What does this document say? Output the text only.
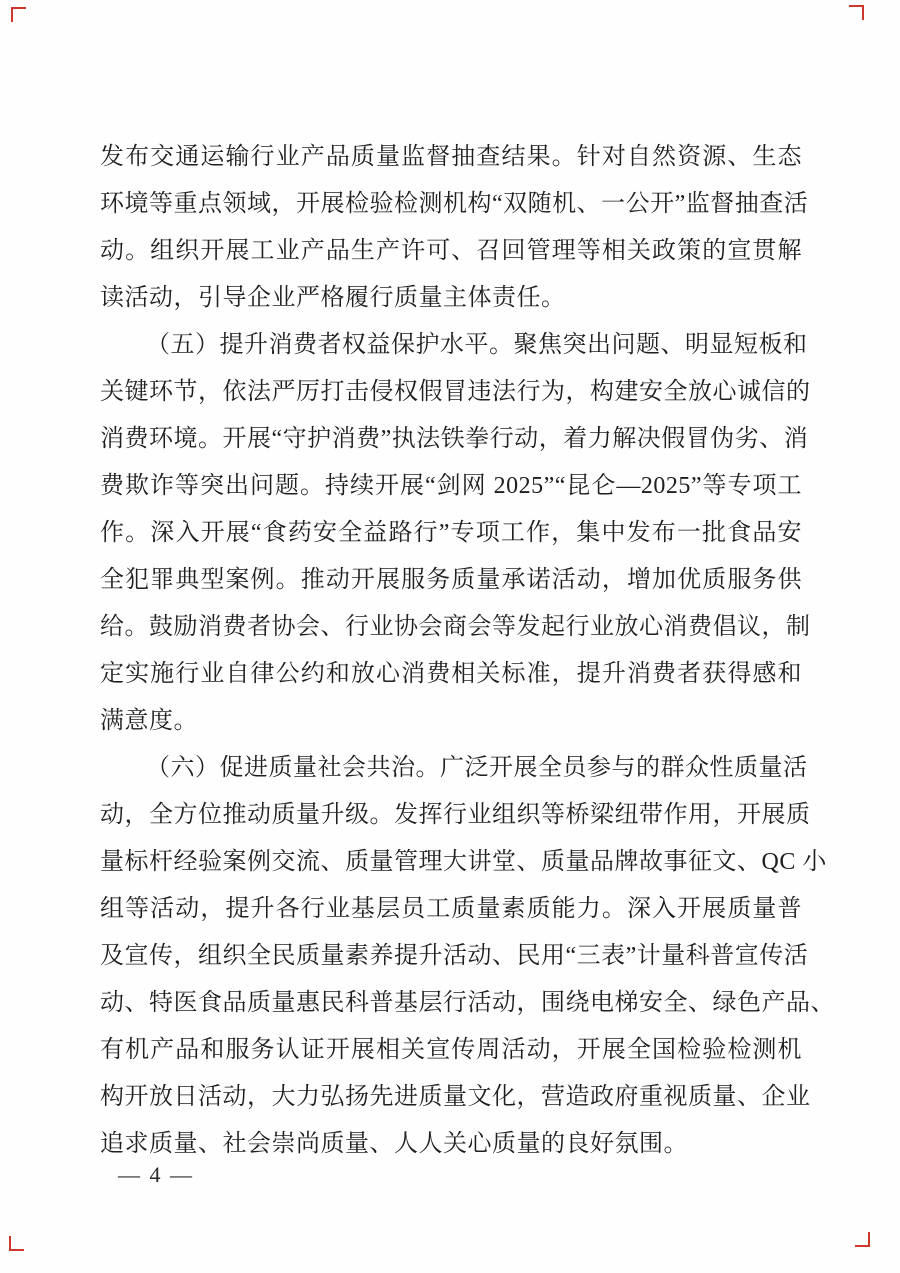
发布交通运输行业产品质量监督抽查结果。针对自然资源、生态
环境等重点领域，开展检验检测机构“双随机、一公开”监督抽查活
动。组织开展工业产品生产许可、召回管理等相关政策的宣贯解
读活动，引导企业严格履行质量主体责任。
（五）提升消费者权益保护水平。聚焦突出问题、明显短板和
关键环节，依法严厉打击侵权假冒违法行为，构建安全放心诚信的
消费环境。开展“守护消费”执法铁拳行动，着力解决假冒伪劣、消
费欺诈等突出问题。持续开展“剑网 2025”“昆仑—2025”等专项工
作。深入开展“食药安全益路行”专项工作，集中发布一批食品安
全犯罪典型案例。推动开展服务质量承诺活动，增加优质服务供
给。鼓励消费者协会、行业协会商会等发起行业放心消费倡议，制
定实施行业自律公约和放心消费相关标准，提升消费者获得感和
满意度。
（六）促进质量社会共治。广泛开展全员参与的群众性质量活
动，全方位推动质量升级。发挥行业组织等桥梁纽带作用，开展质
量标杆经验案例交流、质量管理大讲堂、质量品牌故事征文、QC 小
组等活动，提升各行业基层员工质量素质能力。深入开展质量普
及宣传，组织全民质量素养提升活动、民用“三表”计量科普宣传活
动、特医食品质量惠民科普基层行活动，围绕电梯安全、绿色产品、
有机产品和服务认证开展相关宣传周活动，开展全国检验检测机
构开放日活动，大力弘扬先进质量文化，营造政府重视质量、企业
追求质量、社会崇尚质量、人人关心质量的良好氛围。
— 4 —
